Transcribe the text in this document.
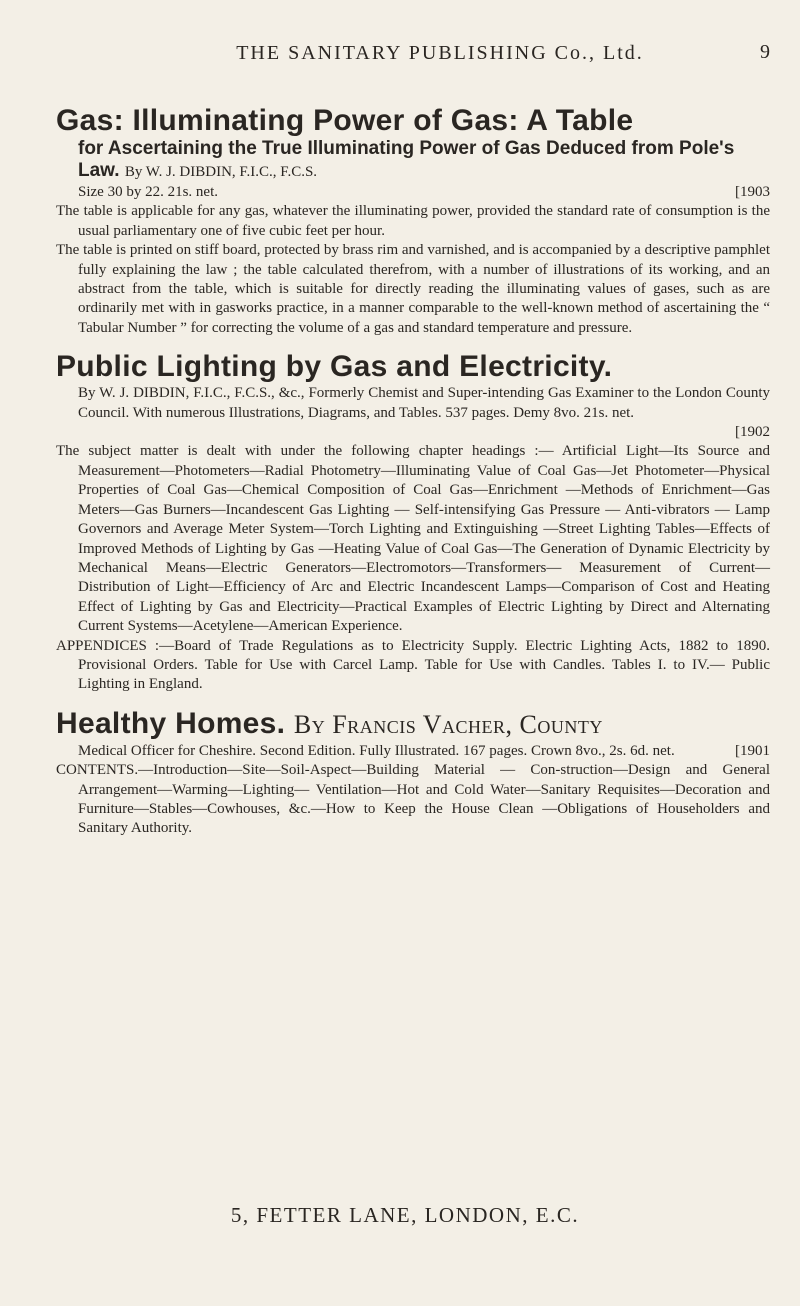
THE SANITARY PUBLISHING Co., Ltd.	9
Gas: Illuminating Power of Gas: A Table
for Ascertaining the True Illuminating Power of Gas Deduced from Pole's Law. By W. J. DIBDIN, F.I.C., F.C.S.
Size 30 by 22. 21s. net.	[1903

The table is applicable for any gas, whatever the illuminating power, provided the standard rate of consumption is the usual parliamentary one of five cubic feet per hour.

The table is printed on stiff board, protected by brass rim and varnished, and is accompanied by a descriptive pamphlet fully explaining the law ; the table calculated therefrom, with a number of illustrations of its working, and an abstract from the table, which is suitable for directly reading the illuminating values of gases, such as are ordinarily met with in gasworks practice, in a manner comparable to the well-known method of ascertaining the “ Tabular Number ” for correcting the volume of a gas and standard temperature and pressure.

Public Lighting by Gas and Electricity.

By W. J. DIBDIN, F.I.C., F.C.S., &c., Formerly Chemist and Super-intending Gas Examiner to the London County Council. With numerous Illustrations, Diagrams, and Tables. 537 pages. Demy 8vo. 21s. net.

[1902

The subject matter is dealt with under the following chapter headings :— Artificial Light—Its Source and Measurement—Photometers—Radial Photometry—Illuminating Value of Coal Gas—Jet Photometer—Physical Properties of Coal Gas—Chemical Composition of Coal Gas—Enrichment —Methods of Enrichment—Gas Meters—Gas Burners—Incandescent Gas Lighting — Self-intensifying Gas Pressure — Anti-vibrators — Lamp Governors and Average Meter System—Torch Lighting and Extinguishing —Street Lighting Tables—Effects of Improved Methods of Lighting by Gas —Heating Value of Coal Gas—The Generation of Dynamic Electricity by Mechanical Means—Electric Generators—Electromotors—Transformers— Measurement of Current—Distribution of Light—Efficiency of Arc and Electric Incandescent Lamps—Comparison of Cost and Heating Effect of Lighting by Gas and Electricity—Practical Examples of Electric Lighting by Direct and Alternating Current Systems—Acetylene—American Experience.

APPENDICES :—Board of Trade Regulations as to Electricity Supply. Electric Lighting Acts, 1882 to 1890. Provisional Orders. Table for Use with Carcel Lamp. Table for Use with Candles. Tables I. to IV.— Public Lighting in England.

Healthy Homes. By Francis Vacher, County

Medical Officer for Cheshire. Second Edition. Fully Illustrated. 167 pages. Crown 8vo., 2s. 6d. net.	[1901

CONTENTS.—Introduction—Site—Soil-Aspect—Building Material — Con-struction—Design and General Arrangement—Warming—Lighting— Ventilation—Hot and Cold Water—Sanitary Requisites—Decoration and Furniture—Stables—Cowhouses, &c.—How to Keep the House Clean —Obligations of Householders and Sanitary Authority.

5, FETTER LANE, LONDON, E.C.
